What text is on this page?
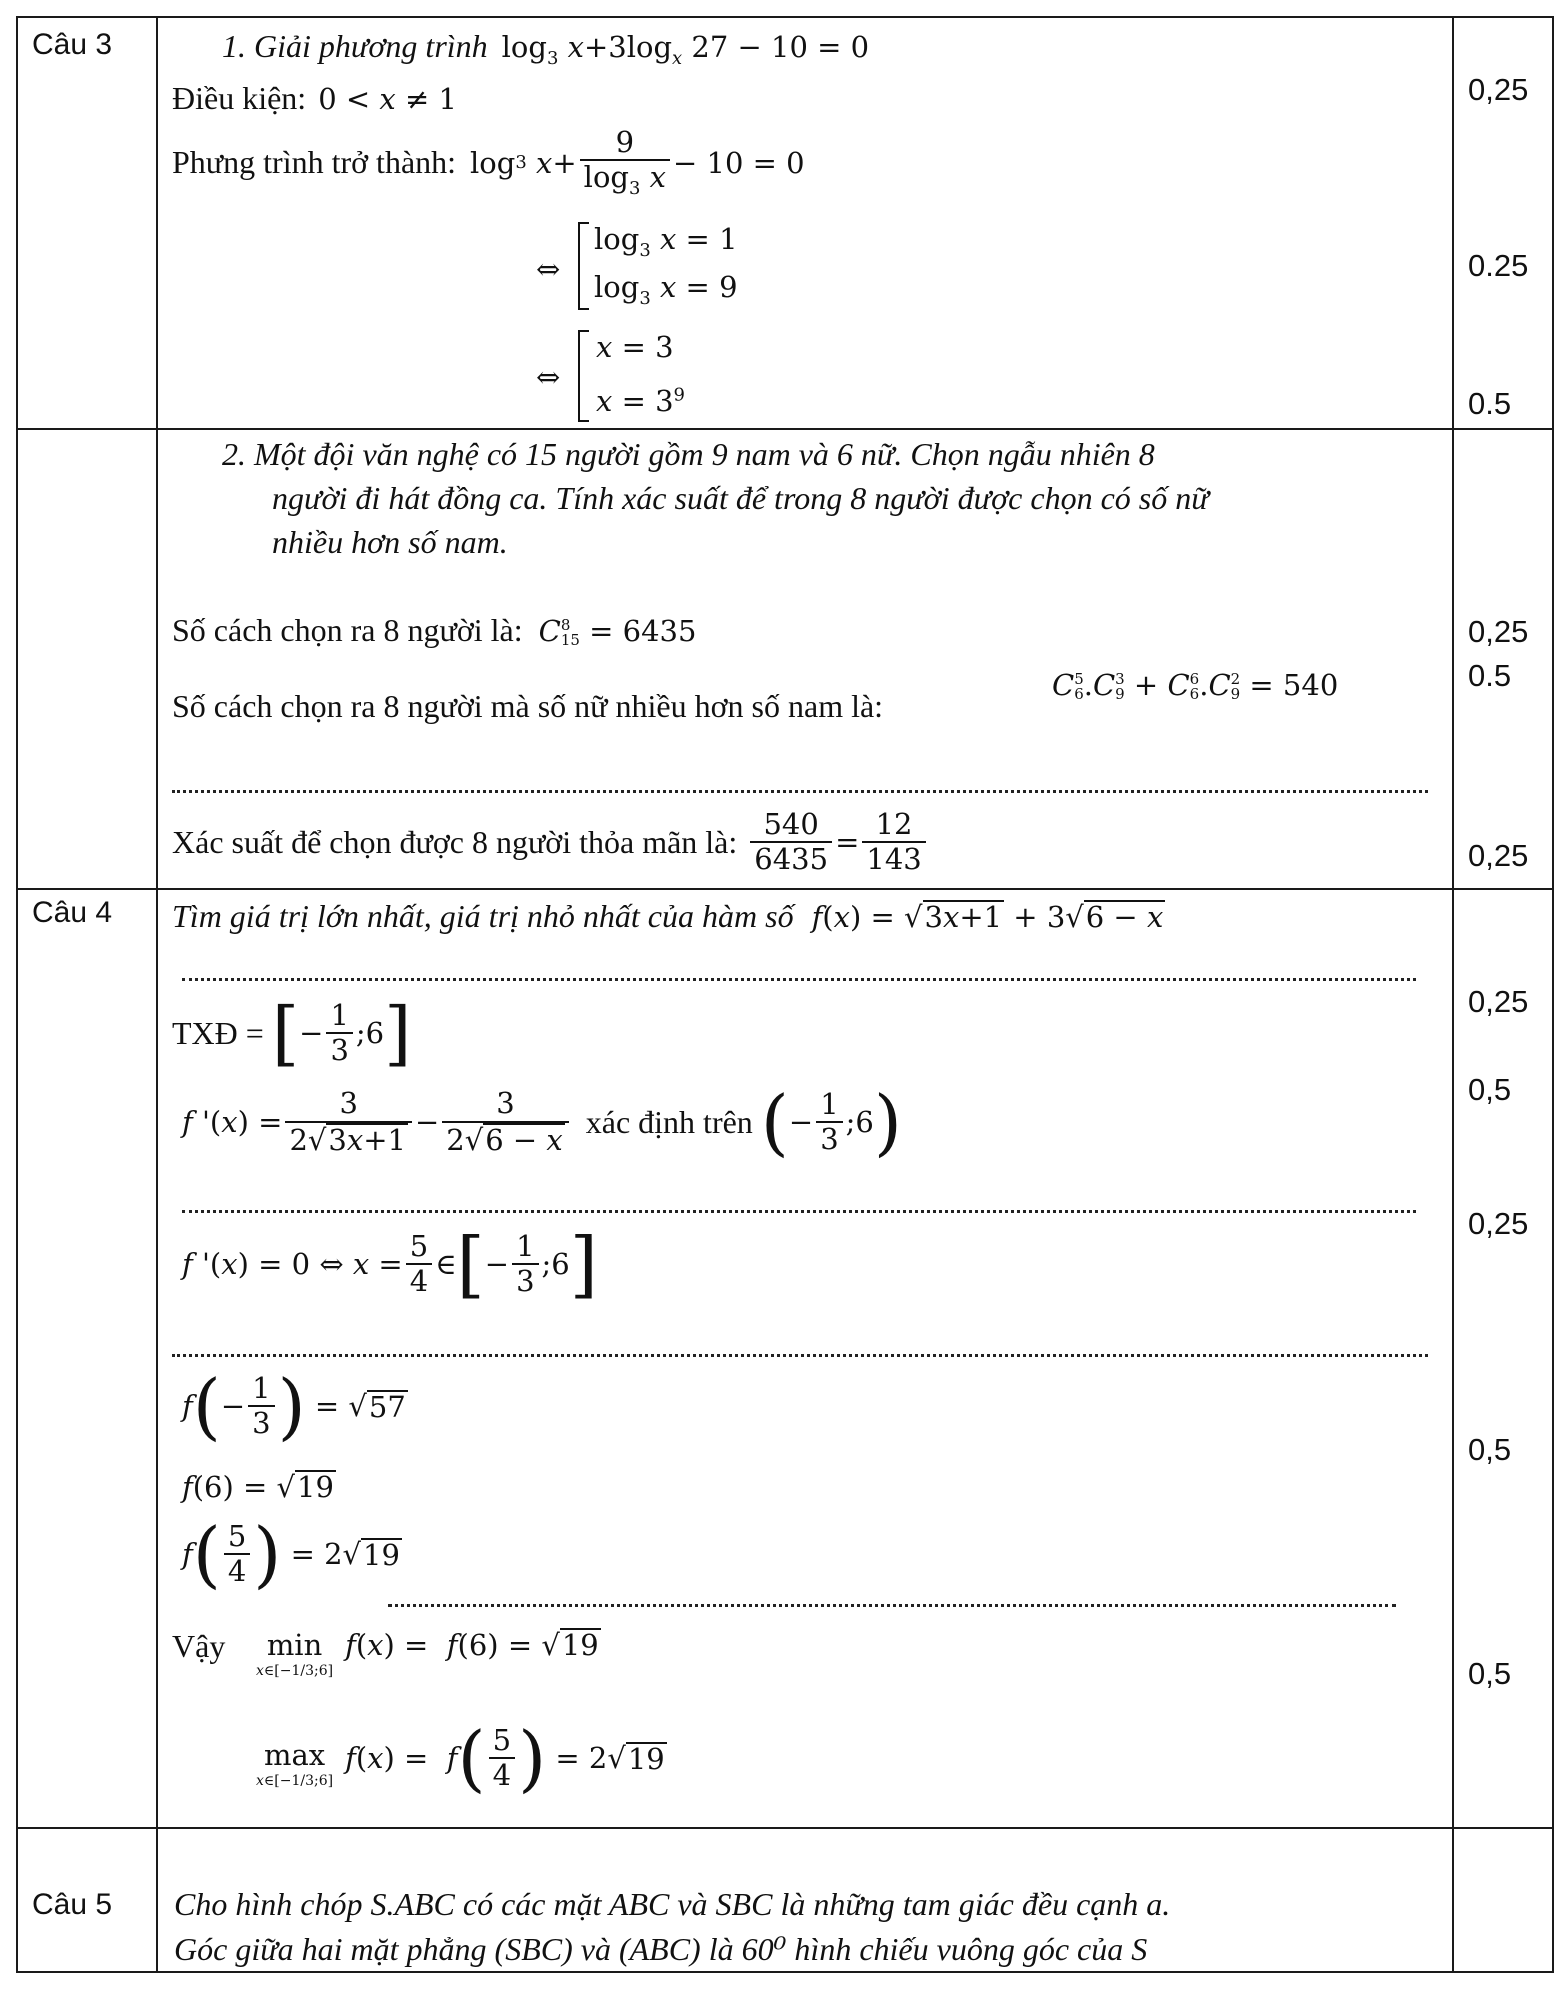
Câu 3	1. Giải phương trình $\log_3 x+3\log_x$ 27 − 10 = 0
Điều kiện: 0 < x ≠ 1
Phưng trình trở thành: log 3
$x + \frac{9}{\log_3 x} - 10 = 0$
⇔
$\log_3 x = 1$
$\log_3 x = 9$
⇔
x = 3
$x = 3^9$
2. Một đội văn nghệ có 15 người gồm 9 nam và 6 nữ. Chọn ngẫu nhiên 8
người đi hát đồng ca. Tính xác suất để trong 8 người được chọn có số nữ
nhiều hơn số nam.
Số cách chọn ra 8 người là: C 8
15 = 6435
Số cách chọn ra 8 người mà số nữ nhiều hơn số nam là:
C 5
6 .C 3
9 + C 6
6 .C 2
9 = 540
Xác suất để chọn được 8 người thỏa mãn là: $\frac{540}{6435} = \frac{12}{143}$
0,25
0.25
0.5
0,25
0.5
0,25
Câu 4 Tìm giá trị lớn nhất, giá trị nhỏ nhất của hàm số f(x) = √3x+1 + 3√6 − x
TXĐ = [ − $\frac{1}{3}$ ;6 ]
f '( x ) = $\frac{3}{2√3x+1} - \frac{3}{2√6 - x}$ xác định trên ( − $\frac{1}{3}$ ;6 )
f '( x ) = 0 ⇔ $x = \frac{5}{4}$ ∈ [ − $\frac{1}{3}$ ;6 ]
f ( − $\frac{1}{3}$ ) = √ 57
f(6) = √19
f ( $\frac{5}{4}$ ) = 2√ 19
Vậy min
x∈[−1/3;6]
f(x) =  f(6) = √19
max
x∈[−1/3;6]
f ( x ) = f ( $\frac{5}{4}$ ) = 2√ 19
0,25
0,5
0,25
0,5
0,5
Câu 5 Cho hình chóp S.ABC có các mặt ABC và SBC là những tam giác đều cạnh a.
Góc giữa hai mặt phẳng (SBC) và (ABC) là 60⁰ hình chiếu vuông góc của S
